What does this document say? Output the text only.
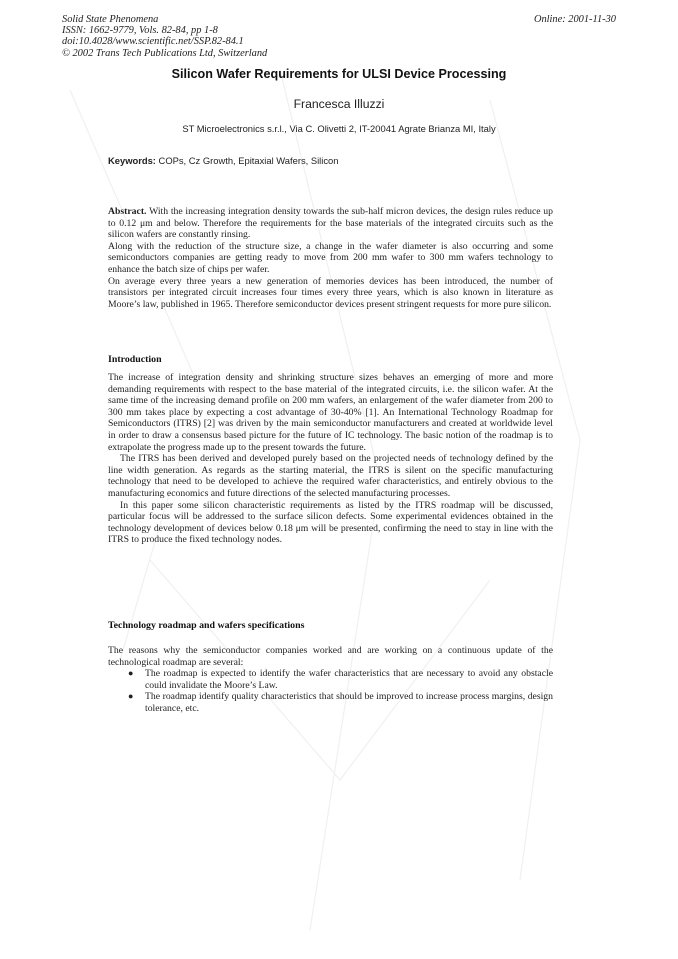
Solid State Phenomena
ISSN: 1662-9779, Vols. 82-84, pp 1-8
doi:10.4028/www.scientific.net/SSP.82-84.1
© 2002 Trans Tech Publications Ltd, Switzerland
Online: 2001-11-30
Silicon Wafer Requirements for ULSI Device Processing
Francesca Illuzzi
ST Microelectronics s.r.l., Via C. Olivetti 2, IT-20041 Agrate Brianza MI, Italy
Keywords: COPs, Cz Growth, Epitaxial Wafers, Silicon

Abstract. With the increasing integration density towards the sub-half micron devices, the design rules reduce up to 0.12 μm and below. Therefore the requirements for the base materials of the integrated circuits such as the silicon wafers are constantly rinsing.

Along with the reduction of the structure size, a change in the wafer diameter is also occurring and some semiconductors companies are getting ready to move from 200 mm wafer to 300 mm wafers technology to enhance the batch size of chips per wafer.

On average every three years a new generation of memories devices has been introduced, the number of transistors per integrated circuit increases four times every three years, which is also known in literature as Moore’s law, published in 1965. Therefore semiconductor devices present stringent requests for more pure silicon.

Introduction

The increase of integration density and shrinking structure sizes behaves an emerging of more and more demanding requirements with respect to the base material of the integrated circuits, i.e. the silicon wafer. At the same time of the increasing demand profile on 200 mm wafers, an enlargement of the wafer diameter from 200 to 300 mm takes place by expecting a cost advantage of 30-40% [1]. An International Technology Roadmap for Semiconductors (ITRS) [2] was driven by the main semiconductor manufacturers and created at worldwide level in order to draw a consensus based picture for the future of IC technology. The basic notion of the roadmap is to extrapolate the progress made up to the present towards the future.

The ITRS has been derived and developed purely based on the projected needs of technology defined by the line width generation. As regards as the starting material, the ITRS is silent on the specific manufacturing technology that need to be developed to achieve the required wafer characteristics, and entirely obvious to the manufacturing economics and future directions of the selected manufacturing processes.

In this paper some silicon characteristic requirements as listed by the ITRS roadmap will be discussed, particular focus will be addressed to the surface silicon defects. Some experimental evidences obtained in the technology development of devices below 0.18 μm will be presented, confirming the need to stay in line with the ITRS to produce the fixed technology nodes.

Technology roadmap and wafers specifications

The reasons why the semiconductor companies worked and are working on a continuous update of the technological roadmap are several:

● The roadmap is expected to identify the wafer characteristics that are necessary to avoid any obstacle could invalidate the Moore’s Law.
● The roadmap identify quality characteristics that should be improved to increase process margins, design tolerance, etc.
